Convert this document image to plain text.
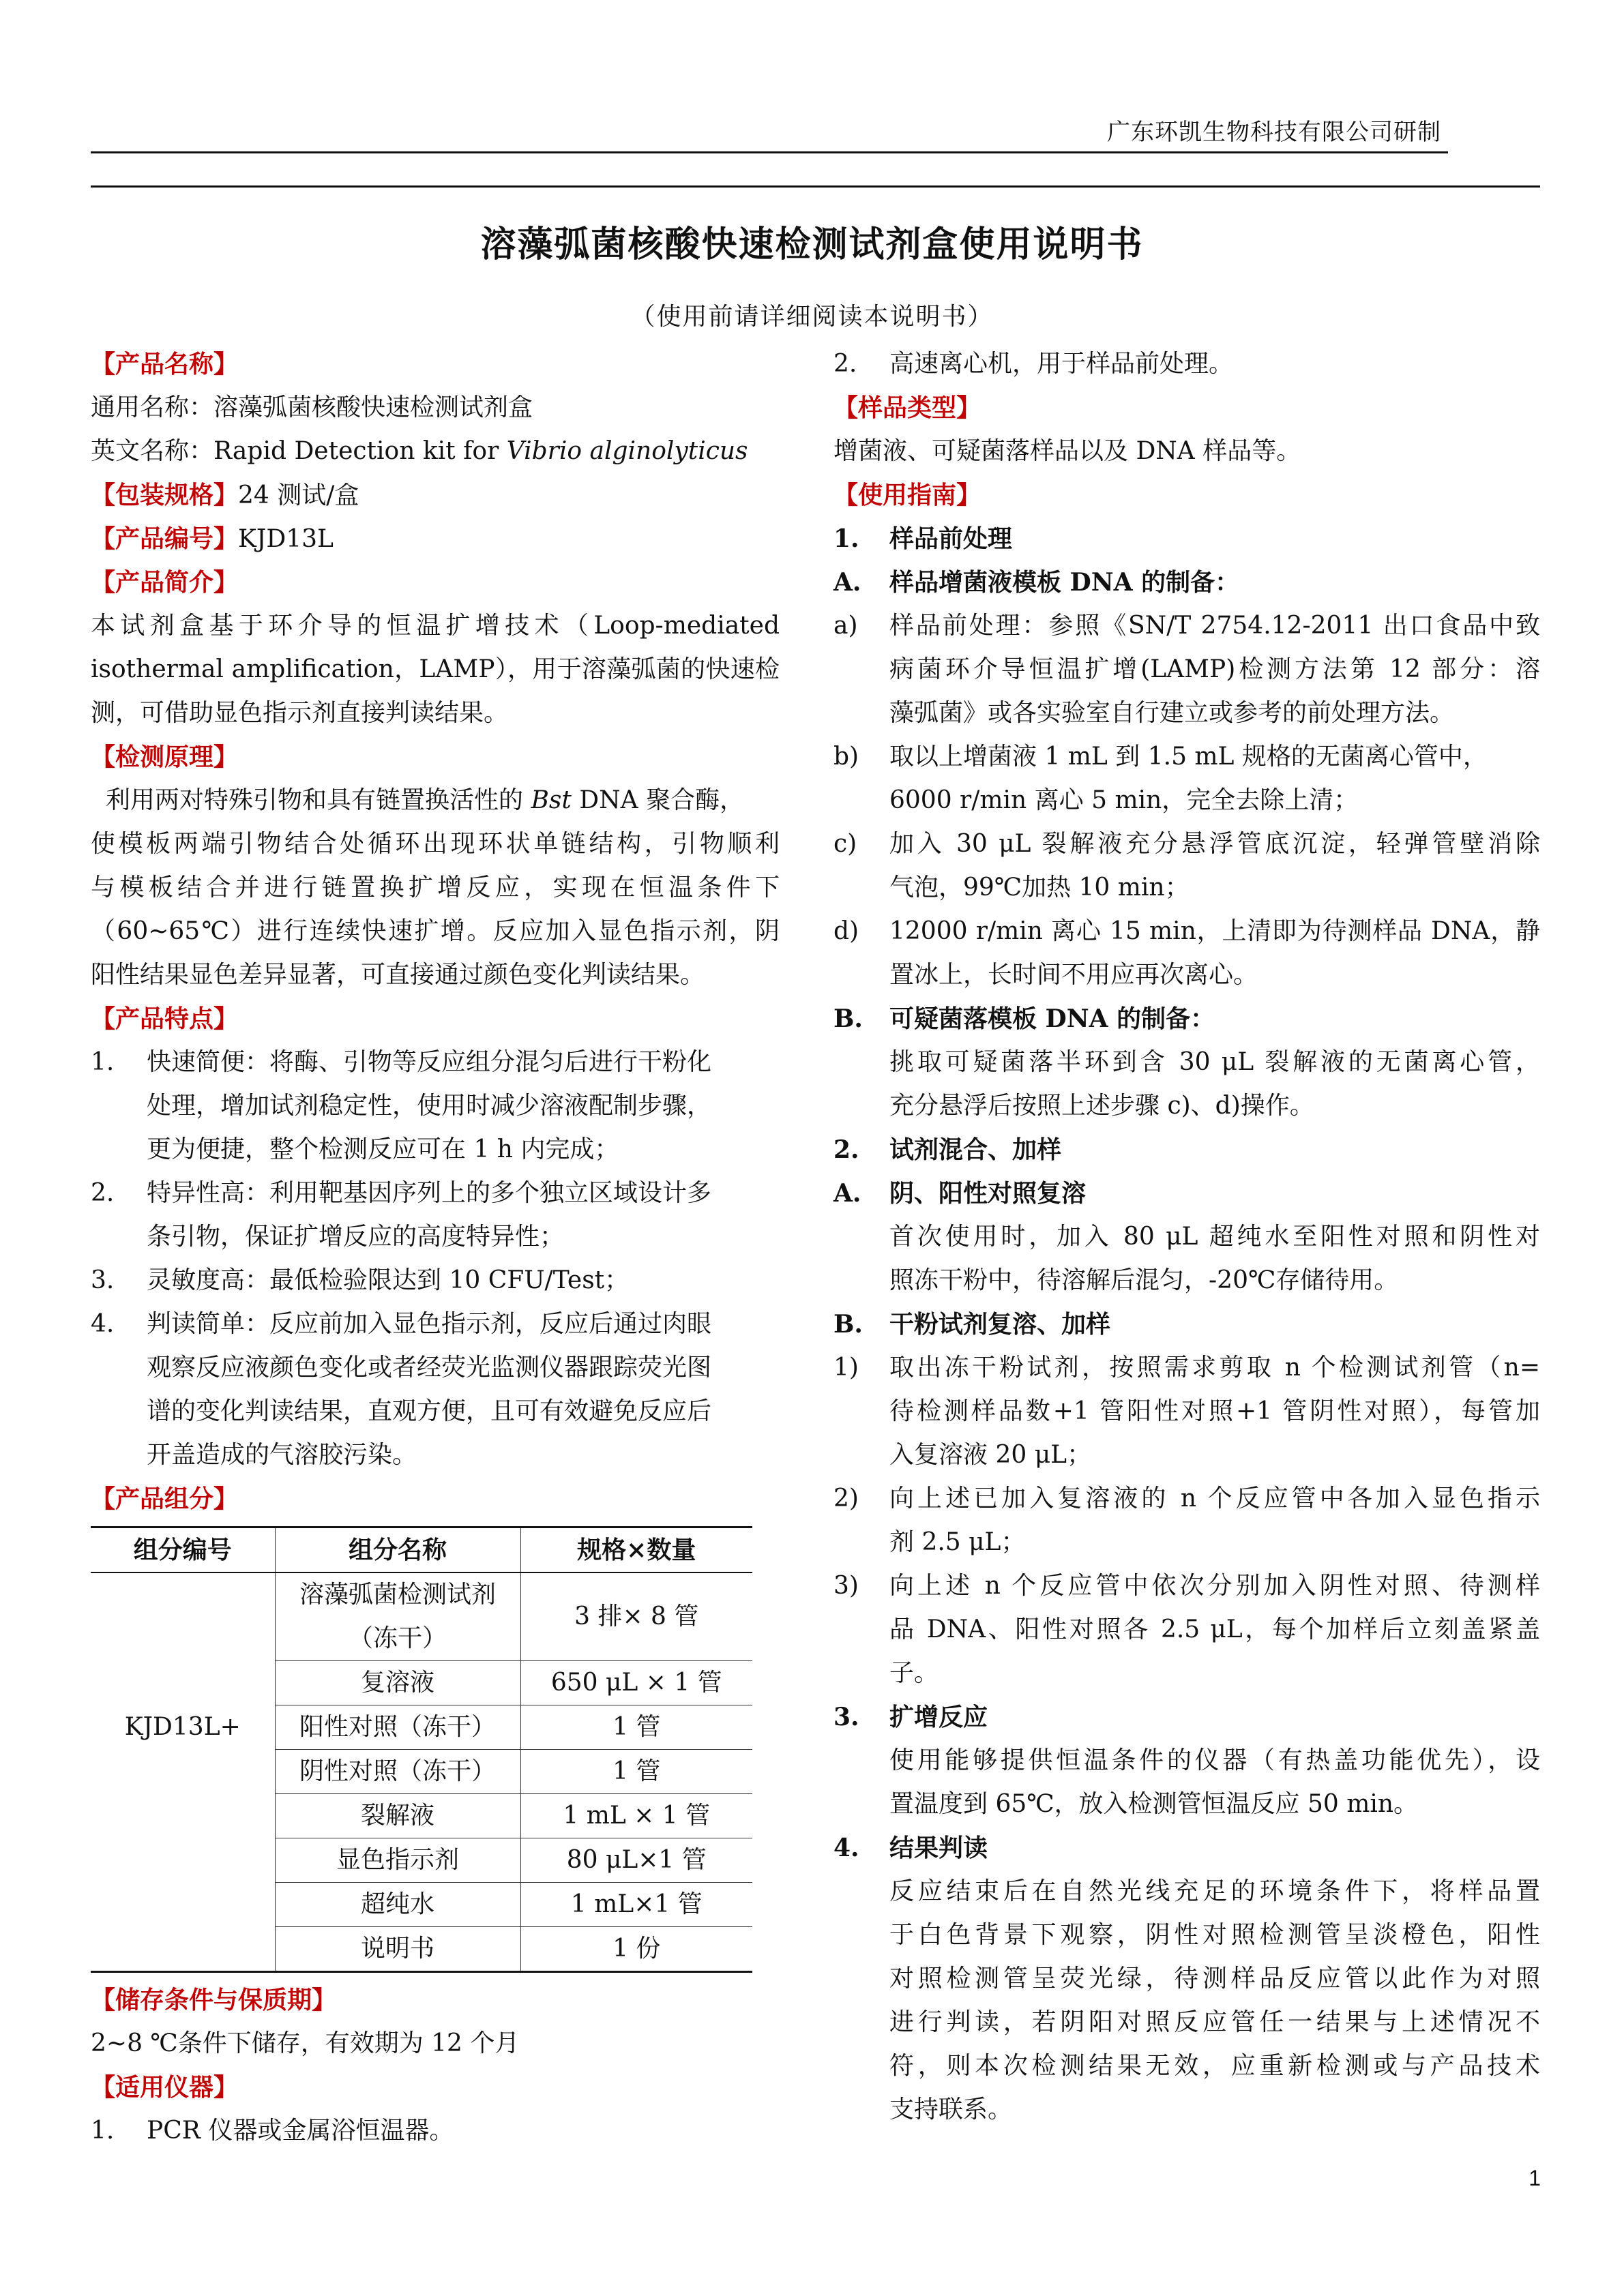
广东环凯生物科技有限公司研制
溶藻弧菌核酸快速检测试剂盒使用说明书
（使用前请详细阅读本说明书）
【产品名称】
通用名称：溶藻弧菌核酸快速检测试剂盒
英文名称：Rapid Detection kit for Vibrio alginolyticus
【包装规格】24 测试/盒
【产品编号】KJD13L
【产品简介】
本试剂盒基于环介导的恒温扩增技术（Loop-mediated
isothermal amplification，LAMP），用于溶藻弧菌的快速检
测，可借助显色指示剂直接判读结果。
【检测原理】
利用两对特殊引物和具有链置换活性的 Bst DNA 聚合酶，
使模板两端引物结合处循环出现环状单链结构，引物顺利
与模板结合并进行链置换扩增反应，实现在恒温条件下
（60~65℃）进行连续快速扩增。反应加入显色指示剂，阴
阳性结果显色差异显著，可直接通过颜色变化判读结果。
【产品特点】
1.	快速简便：将酶、引物等反应组分混匀后进行干粉化
处理，增加试剂稳定性，使用时减少溶液配制步骤，
更为便捷，整个检测反应可在 1 h 内完成；
2.	特异性高：利用靶基因序列上的多个独立区域设计多
条引物，保证扩增反应的高度特异性；
3.	灵敏度高：最低检验限达到 10 CFU/Test；
4.	判读简单：反应前加入显色指示剂，反应后通过肉眼
观察反应液颜色变化或者经荧光监测仪器跟踪荧光图
谱的变化判读结果，直观方便，且可有效避免反应后
开盖造成的气溶胶污染。
【产品组分】
组分编号	组分名称	规格×数量

	溶藻弧菌检测试剂
（冻干）	3 排× 8 管
	复溶液	650 μL × 1 管
KJD13L+	阳性对照（冻干）	1 管
	阴性对照（冻干）	1 管
	裂解液	1 mL × 1 管
	显色指示剂	80 μL×1 管
	超纯水	1 mL×1 管
	说明书	1 份
【储存条件与保质期】
2~8 ℃条件下储存，有效期为 12 个月
【适用仪器】
1.	PCR 仪器或金属浴恒温器。
2.	高速离心机，用于样品前处理。
【样品类型】
增菌液、可疑菌落样品以及 DNA 样品等。
【使用指南】
1.	样品前处理
A.	样品增菌液模板 DNA 的制备：
a)	样品前处理：参照《SN/T 2754.12-2011 出口食品中致
病菌环介导恒温扩增(LAMP)检测方法第 12 部分：溶
藻弧菌》或各实验室自行建立或参考的前处理方法。
b)	取以上增菌液 1 mL 到 1.5 mL 规格的无菌离心管中，
6000 r/min 离心 5 min，完全去除上清；
c)	加入 30 μL 裂解液充分悬浮管底沉淀，轻弹管壁消除
气泡，99℃加热 10 min；
d)	12000 r/min 离心 15 min，上清即为待测样品 DNA，静
置冰上，长时间不用应再次离心。
B.	可疑菌落模板 DNA 的制备：
挑取可疑菌落半环到含 30 μL 裂解液的无菌离心管，
充分悬浮后按照上述步骤 c)、d)操作。
2.	试剂混合、加样
A.	阴、阳性对照复溶
首次使用时，加入 80 μL 超纯水至阳性对照和阴性对
照冻干粉中，待溶解后混匀，-20℃存储待用。
B.	干粉试剂复溶、加样
1)	取出冻干粉试剂，按照需求剪取 n 个检测试剂管（n=
待检测样品数+1 管阳性对照+1 管阴性对照），每管加
入复溶液 20 μL；
2)	向上述已加入复溶液的 n 个反应管中各加入显色指示
剂 2.5 μL；
3)	向上述 n 个反应管中依次分别加入阴性对照、待测样
品 DNA、阳性对照各 2.5 μL，每个加样后立刻盖紧盖
子。
3.	扩增反应
使用能够提供恒温条件的仪器（有热盖功能优先），设
置温度到 65℃，放入检测管恒温反应 50 min。
4.	结果判读
反应结束后在自然光线充足的环境条件下，将样品置
于白色背景下观察，阴性对照检测管呈淡橙色，阳性
对照检测管呈荧光绿，待测样品反应管以此作为对照
进行判读，若阴阳对照反应管任一结果与上述情况不
符，则本次检测结果无效，应重新检测或与产品技术
支持联系。
1
